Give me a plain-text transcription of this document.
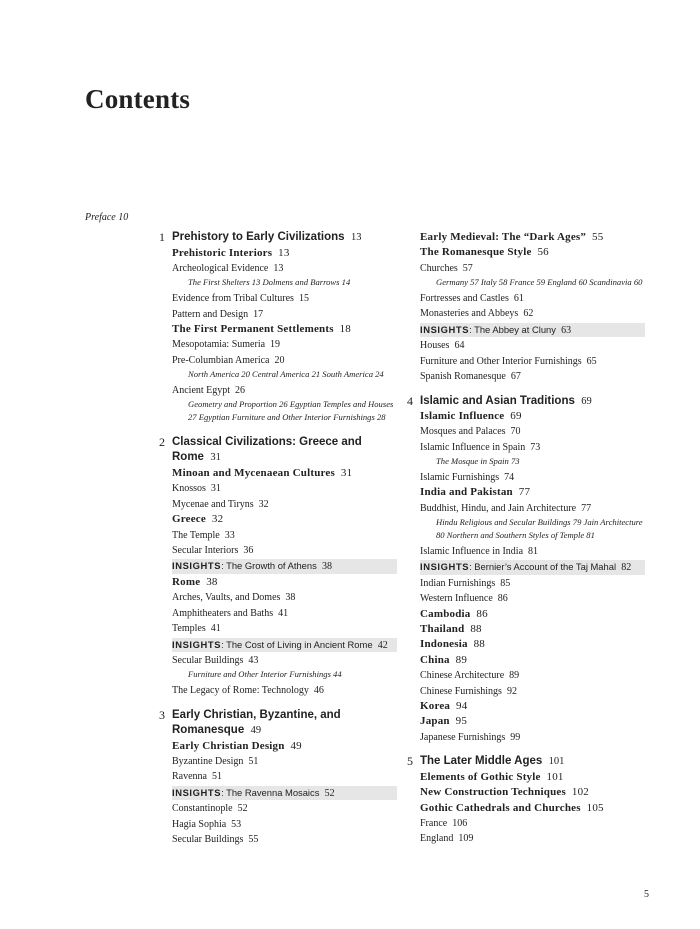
Contents
Preface 10
1 Prehistory to Early Civilizations 13
Prehistoric Interiors 13
Archeological Evidence 13
The First Shelters 13 Dolmens and Barrows 14
Evidence from Tribal Cultures 15
Pattern and Design 17
The First Permanent Settlements 18
Mesopotamia: Sumeria 19
Pre-Columbian America 20
North America 20 Central America 21 South America 24
Ancient Egypt 26
Geometry and Proportion 26 Egyptian Temples and Houses 27 Egyptian Furniture and Other Interior Furnishings 28
2 Classical Civilizations: Greece and Rome 31
Minoan and Mycenaean Cultures 31
Knossos 31
Mycenae and Tiryns 32
Greece 32
The Temple 33
Secular Interiors 36
INSIGHTS: The Growth of Athens 38
Rome 38
Arches, Vaults, and Domes 38
Amphitheaters and Baths 41
Temples 41
INSIGHTS: The Cost of Living in Ancient Rome 42
Secular Buildings 43
Furniture and Other Interior Furnishings 44
The Legacy of Rome: Technology 46
3 Early Christian, Byzantine, and Romanesque 49
Early Christian Design 49
Byzantine Design 51
Ravenna 51
INSIGHTS: The Ravenna Mosaics 52
Constantinople 52
Hagia Sophia 53
Secular Buildings 55
Early Medieval: The “Dark Ages” 55
The Romanesque Style 56
Churches 57
Germany 57 Italy 58 France 59 England 60 Scandinavia 60
Fortresses and Castles 61
Monasteries and Abbeys 62
INSIGHTS: The Abbey at Cluny 63
Houses 64
Furniture and Other Interior Furnishings 65
Spanish Romanesque 67
4 Islamic and Asian Traditions 69
Islamic Influence 69
Mosques and Palaces 70
Islamic Influence in Spain 73
The Mosque in Spain 73
Islamic Furnishings 74
India and Pakistan 77
Buddhist, Hindu, and Jain Architecture 77
Hindu Religious and Secular Buildings 79 Jain Architecture 80 Northern and Southern Styles of Temple 81
Islamic Influence in India 81
INSIGHTS: Bernier’s Account of the Taj Mahal 82
Indian Furnishings 85
Western Influence 86
Cambodia 86
Thailand 88
Indonesia 88
China 89
Chinese Architecture 89
Chinese Furnishings 92
Korea 94
Japan 95
Japanese Furnishings 99
5 The Later Middle Ages 101
Elements of Gothic Style 101
New Construction Techniques 102
Gothic Cathedrals and Churches 105
France 106
England 109
5
